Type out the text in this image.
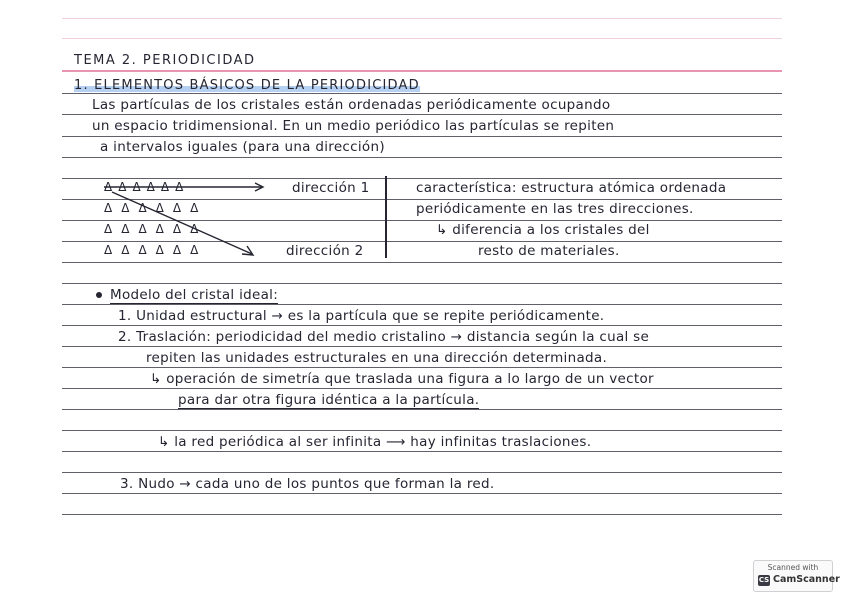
TEMA 2. PERIODICIDAD
1. ELEMENTOS BÁSICOS DE LA PERIODICIDAD
Las partículas de los cristales están ordenadas periódicamente ocupando
un espacio tridimensional. En un medio periódico las partículas se repiten
a intervalos iguales (para una dirección)
ΔΔΔΔΔΔ
ΔΔΔΔΔΔ
ΔΔΔΔΔΔ
ΔΔΔΔΔΔ
dirección 1
dirección 2
característica: estructura atómica ordenada
periódicamente en las tres direcciones.
↳ diferencia a los cristales del
resto de materiales.
Modelo del cristal ideal:
1. Unidad estructural → es la partícula que se repite periódicamente.
2. Traslación: periodicidad del medio cristalino → distancia según la cual se
repiten las unidades estructurales en una dirección determinada.
↳ operación de simetría que traslada una figura a lo largo de un vector
para dar otra figura idéntica a la partícula.
↳ la red periódica al ser infinita ⟶ hay infinitas traslaciones.
3. Nudo → cada uno de los puntos que forman la red.
Scanned with
CS CamScanner
